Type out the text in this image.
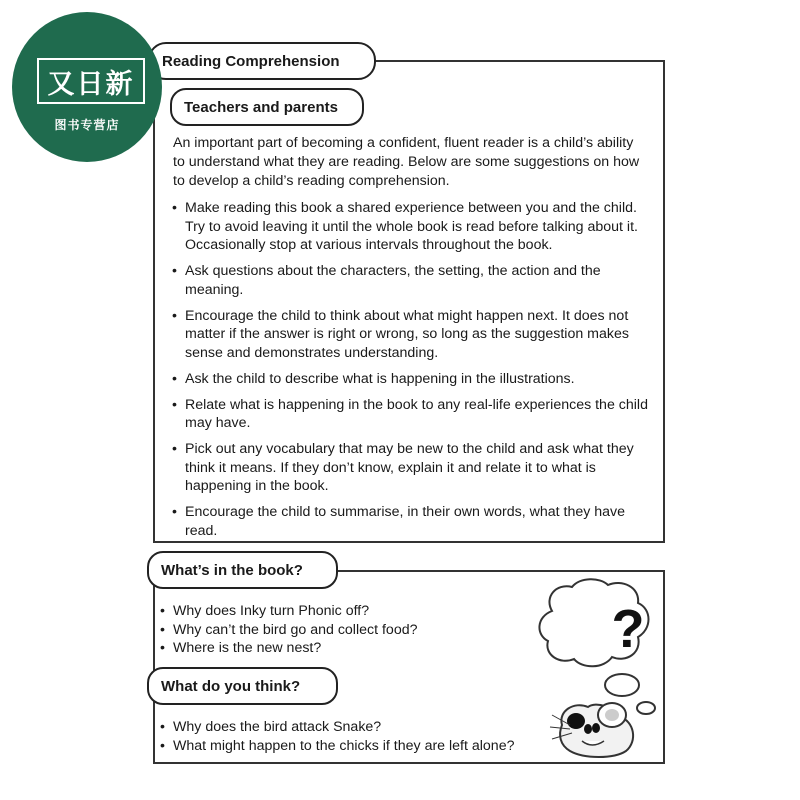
又日新
图书专营店
Reading Comprehension
Teachers and parents

An important part of becoming a confident, fluent reader is a child’s ability to understand what they are reading. Below are some suggestions on how to develop a child’s reading comprehension.

• Make reading this book a shared experience between you and the child. Try to avoid leaving it until the whole book is read before talking about it. Occasionally stop at various intervals throughout the book.
• Ask questions about the characters, the setting, the action and the meaning.
• Encourage the child to think about what might happen next. It does not matter if the answer is right or wrong, so long as the suggestion makes sense and demonstrates understanding.
• Ask the child to describe what is happening in the illustrations.
• Relate what is happening in the book to any real-life experiences the child may have.
• Pick out any vocabulary that may be new to the child and ask what they think it means. If they don’t know, explain it and relate it to what is happening in the book.
• Encourage the child to summarise, in their own words, what they have read.
What’s in the book?
• Why does Inky turn Phonic off?
• Why can’t the bird go and collect food?
• Where is the new nest?
What do you think?
• Why does the bird attack Snake?
• What might happen to the chicks if they are left alone?
?
